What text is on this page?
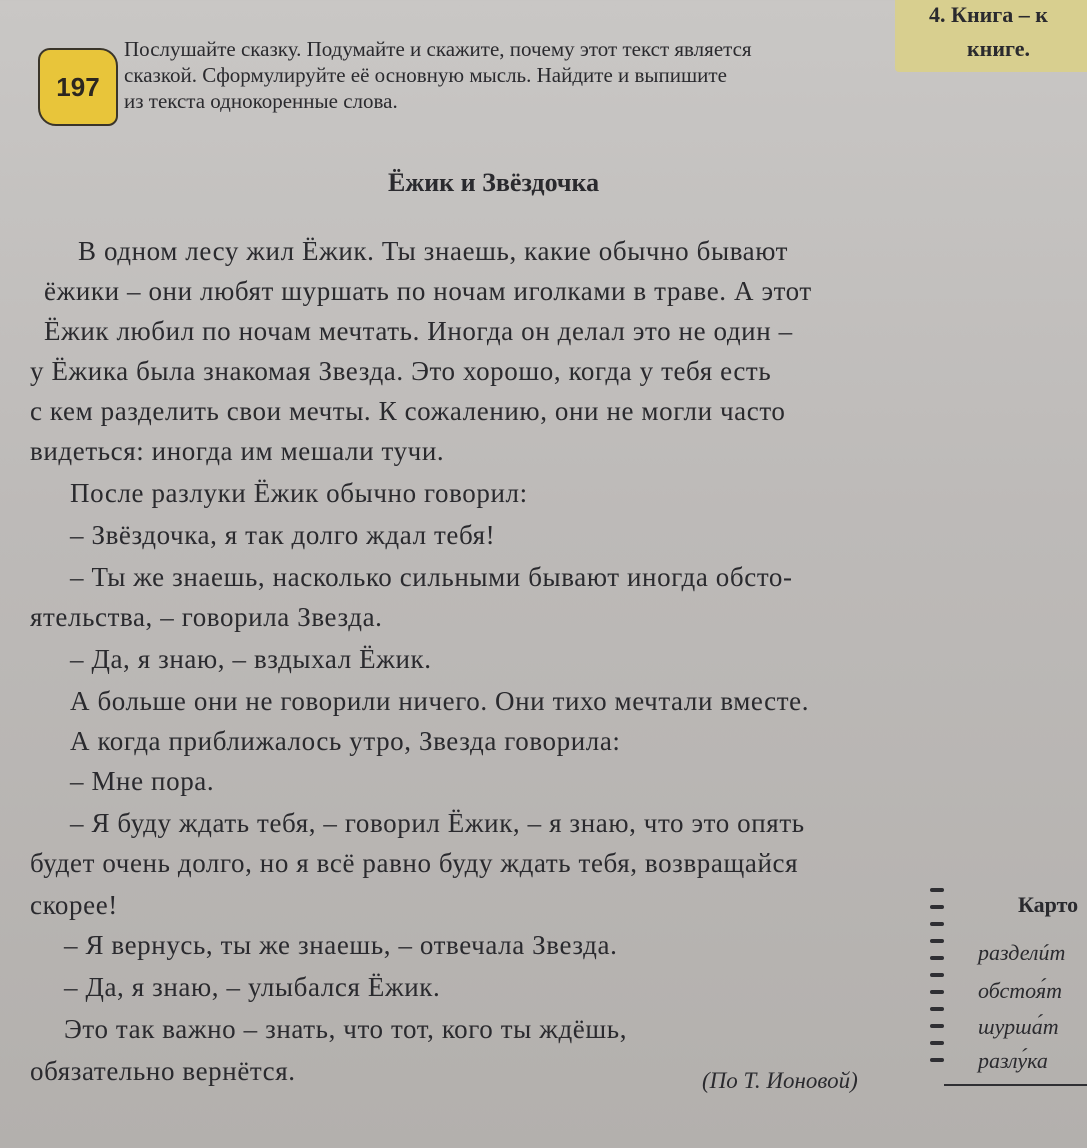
4. Книга – к
книге.
197
Послушайте сказку. Подумайте и скажите, почему этот текст является
сказкой. Сформулируйте её основную мысль. Найдите и выпишите
из текста однокоренные слова.
Ёжик и Звёздочка
В одном лесу жил Ёжик. Ты знаешь, какие обычно бывают
ёжики – они любят шуршать по ночам иголками в траве. А этот
Ёжик любил по ночам мечтать. Иногда он делал это не один –
у Ёжика была знакомая Звезда. Это хорошо, когда у тебя есть
с кем разделить свои мечты. К сожалению, они не могли часто
видеться: иногда им мешали тучи.
После разлуки Ёжик обычно говорил:
– Звёздочка, я так долго ждал тебя!
– Ты же знаешь, насколько сильными бывают иногда обсто-
ятельства, – говорила Звезда.
– Да, я знаю, – вздыхал Ёжик.
А больше они не говорили ничего. Они тихо мечтали вместе.
А когда приближалось утро, Звезда говорила:
– Мне пора.
– Я буду ждать тебя, – говорил Ёжик, – я знаю, что это опять
будет очень долго, но я всё равно буду ждать тебя, возвращайся
скорее!
– Я вернусь, ты же знаешь, – отвечала Звезда.
– Да, я знаю, – улыбался Ёжик.
Это так важно – знать, что тот, кого ты ждёшь,
обязательно вернётся.	(По Т. Ионовой)
Карто
разделúт
обстоя́т
шурша́т
разлу́ка
